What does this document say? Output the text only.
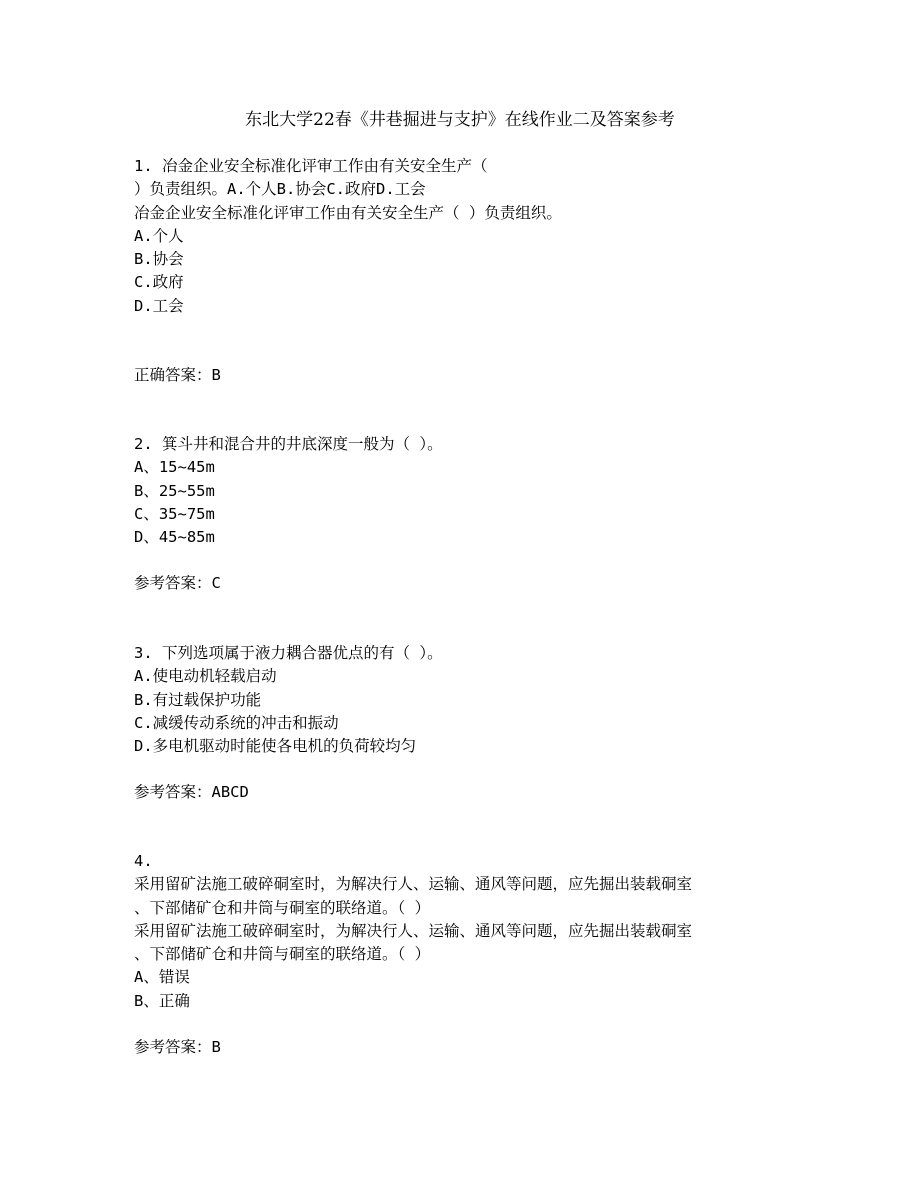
东北大学22春《井巷掘进与支护》在线作业二及答案参考
1. 冶金企业安全标准化评审工作由有关安全生产（
）负责组织。A.个人B.协会C.政府D.工会
冶金企业安全标准化评审工作由有关安全生产（ ）负责组织。
A.个人
B.协会
C.政府
D.工会
正确答案：B
2. 箕斗井和混合井的井底深度一般为（ ）。
A、15~45m
B、25~55m
C、35~75m
D、45~85m
参考答案：C
3. 下列选项属于液力耦合器优点的有（ ）。
A.使电动机轻载启动
B.有过载保护功能
C.减缓传动系统的冲击和振动
D.多电机驱动时能使各电机的负荷较均匀
参考答案：ABCD
4.
采用留矿法施工破碎硐室时，为解决行人、运输、通风等问题，应先掘出装载硐室
、下部储矿仓和井筒与硐室的联络道。（ ）
采用留矿法施工破碎硐室时，为解决行人、运输、通风等问题，应先掘出装载硐室
、下部储矿仓和井筒与硐室的联络道。（ ）
A、错误
B、正确
参考答案：B
